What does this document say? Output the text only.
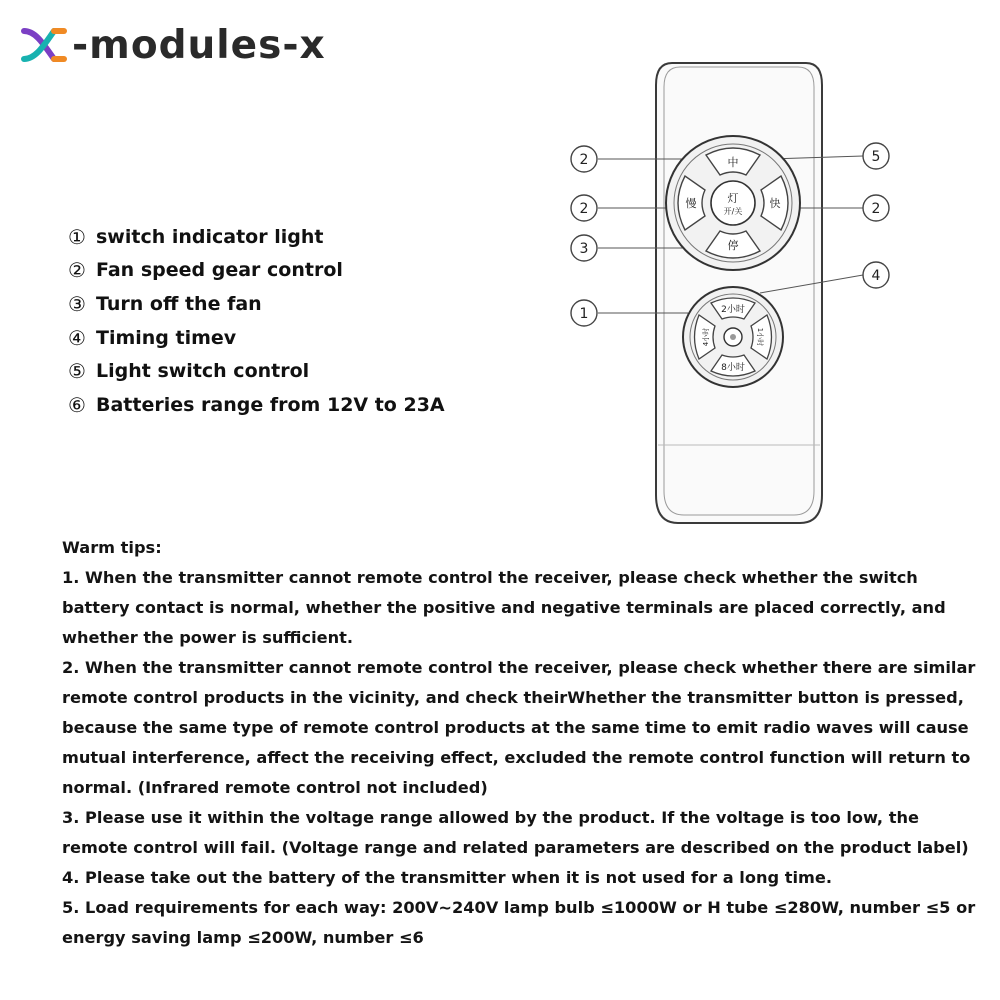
-modules-x
① switch indicator light
② Fan speed gear control
③ Turn off the fan
④ Timing timev
⑤ Light switch control
⑥ Batteries range from 12V to 23A
2
2
3
1
5
2
4
中
慢	快
停
灯
开/关
2小时
8小时
4小时	1小时

Warm tips:

1. When the transmitter cannot remote control the receiver, please check whether the switch battery contact is normal, whether the positive and negative terminals are placed correctly, and whether the power is sufficient.

2. When the transmitter cannot remote control the receiver, please check whether there are similar remote control products in the vicinity, and check theirWhether the transmitter button is pressed, because the same type of remote control products at the same time to emit radio waves will cause mutual interference, affect the receiving effect, excluded the remote control function will return to normal. (Infrared remote control not included)

3. Please use it within the voltage range allowed by the product. If the voltage is too low, the remote control will fail. (Voltage range and related parameters are described on the product label)

4. Please take out the battery of the transmitter when it is not used for a long time.

5. Load requirements for each way: 200V~240V lamp bulb ≤1000W or H tube ≤280W, number ≤5 or energy saving lamp ≤200W, number ≤6
